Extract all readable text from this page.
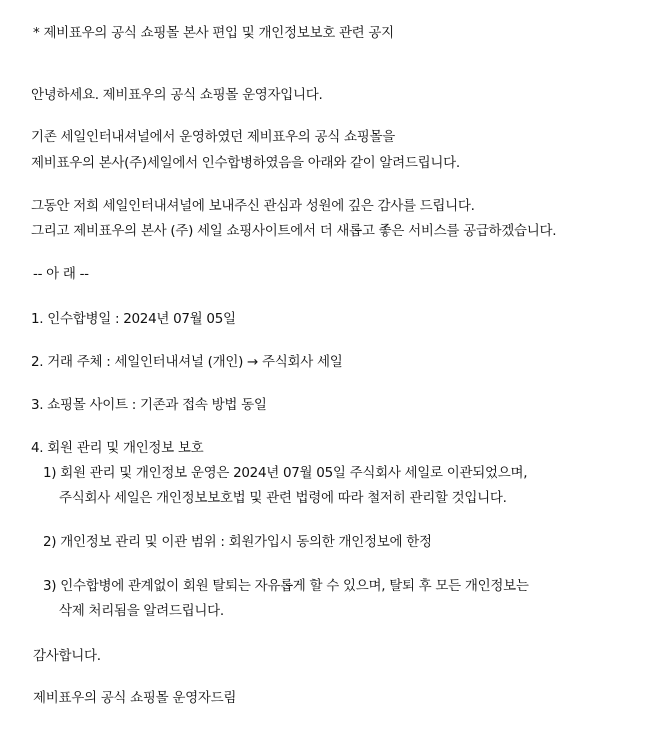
* 제비표우의 공식 쇼핑몰 본사 편입 및 개인정보보호 관련 공지
안녕하세요. 제비표우의 공식 쇼핑몰 운영자입니다.
기존 세일인터내셔널에서 운영하였던 제비표우의 공식 쇼핑몰을
제비표우의 본사(주)세일에서 인수합병하였음을 아래와 같이 알려드립니다.
그동안 저희 세일인터내셔널에 보내주신 관심과 성원에 깊은 감사를 드립니다.
그리고 제비표우의 본사 (주) 세일 쇼핑사이트에서 더 새롭고 좋은 서비스를 공급하겠습니다.
-- 아 래 --
1. 인수합병일 : 2024년 07월 05일
2. 거래 주체 : 세일인터내셔널 (개인) → 주식회사 세일
3. 쇼핑몰 사이트 : 기존과 접속 방법 동일
4. 회원 관리 및 개인정보 보호
1) 회원 관리 및 개인정보 운영은 2024년 07월 05일 주식회사 세일로 이관되었으며,
주식회사 세일은 개인정보보호법 및 관련 법령에 따라 철저히 관리할 것입니다.
2) 개인정보 관리 및 이관 범위 : 회원가입시 동의한 개인정보에 한정
3) 인수합병에 관계없이 회원 탈퇴는 자유롭게 할 수 있으며, 탈퇴 후 모든 개인정보는
삭제 처리됨을 알려드립니다.
감사합니다.
제비표우의 공식 쇼핑몰 운영자드림
